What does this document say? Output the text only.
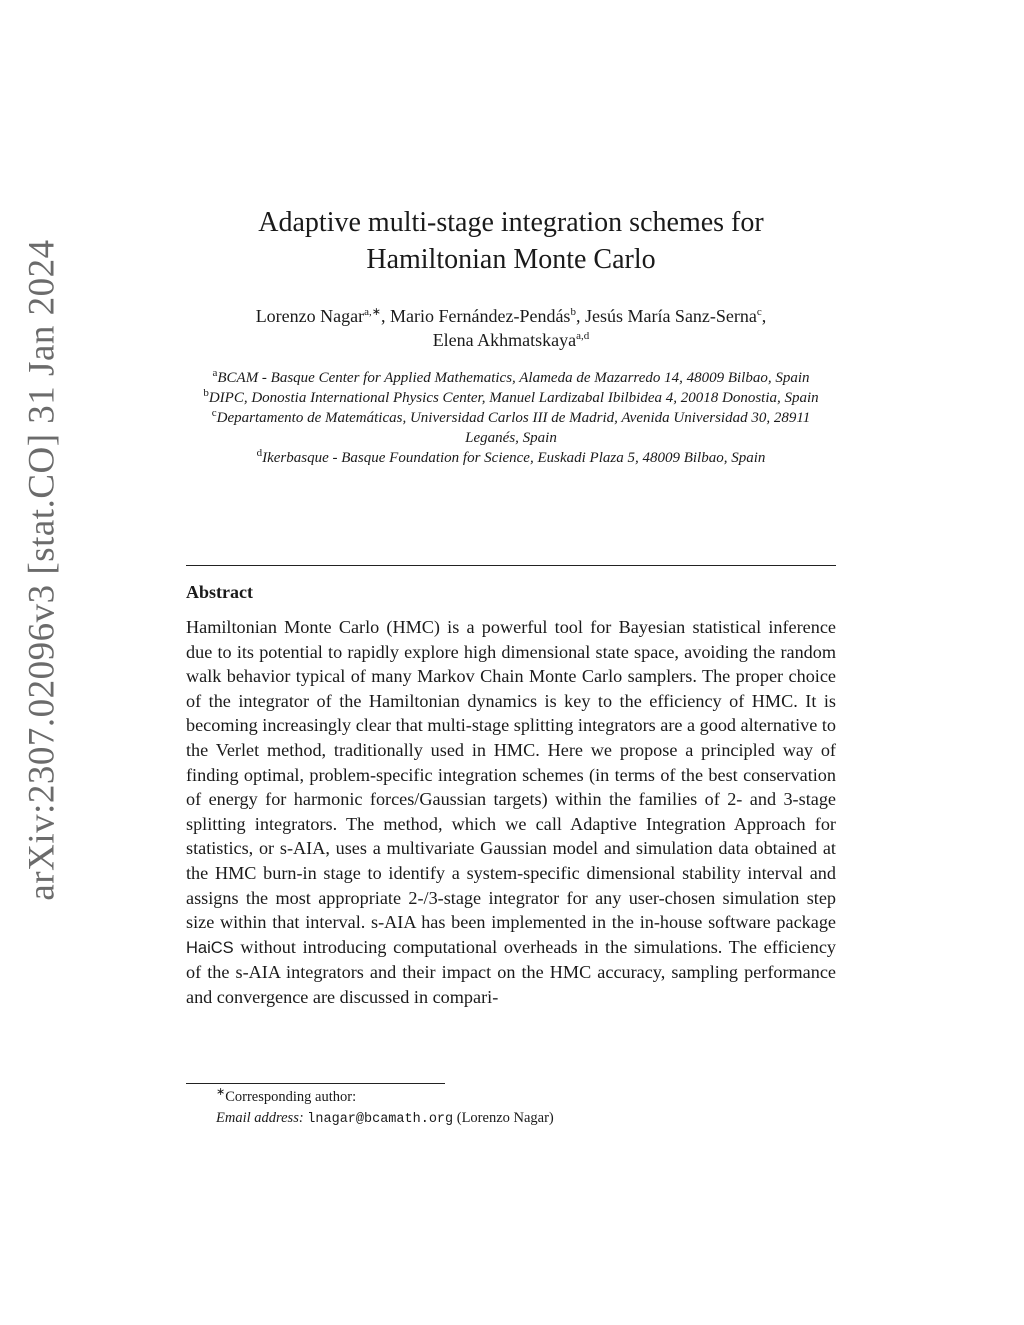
arXiv:2307.02096v3 [stat.CO] 31 Jan 2024
Adaptive multi-stage integration schemes for
Hamiltonian Monte Carlo
Lorenzo Nagar$^{a,∗}$, Mario Fernández-Pendás$^b$, Jesús María Sanz-Serna$^c$,
Elena Akhmatskaya$^{a,d}$

$^a$BCAM - Basque Center for Applied Mathematics, Alameda de Mazarredo 14, 48009 Bilbao, Spain

$^b$DIPC, Donostia International Physics Center, Manuel Lardizabal Ibilbidea 4, 20018 Donostia, Spain

$^c$Departamento de Matemáticas, Universidad Carlos III de Madrid, Avenida Universidad 30, 28911 Leganés, Spain

$^d$Ikerbasque - Basque Foundation for Science, Euskadi Plaza 5, 48009 Bilbao, Spain

Abstract

Hamiltonian Monte Carlo (HMC) is a powerful tool for Bayesian statistical inference due to its potential to rapidly explore high dimensional state space, avoiding the random walk behavior typical of many Markov Chain Monte Carlo samplers. The proper choice of the integrator of the Hamiltonian dynamics is key to the efficiency of HMC. It is becoming increasingly clear that multi-stage splitting integrators are a good alternative to the Verlet method, traditionally used in HMC. Here we propose a principled way of finding optimal, problem-specific integration schemes (in terms of the best conservation of energy for harmonic forces/Gaussian targets) within the families of 2- and 3-stage splitting integrators. The method, which we call Adaptive Integration Approach for statistics, or s-AIA, uses a multivariate Gaussian model and simulation data obtained at the HMC burn-in stage to identify a system-specific dimensional stability interval and assigns the most appropriate 2-/3-stage integrator for any user-chosen simulation step size within that interval. s-AIA has been implemented in the in-house software package HaiCS without introducing computational overheads in the simulations. The efficiency of the s-AIA integrators and their impact on the HMC accuracy, sampling performance and convergence are discussed in compari-

∗Corresponding author:
Email address: lnagar@bcamath.org (Lorenzo Nagar)
